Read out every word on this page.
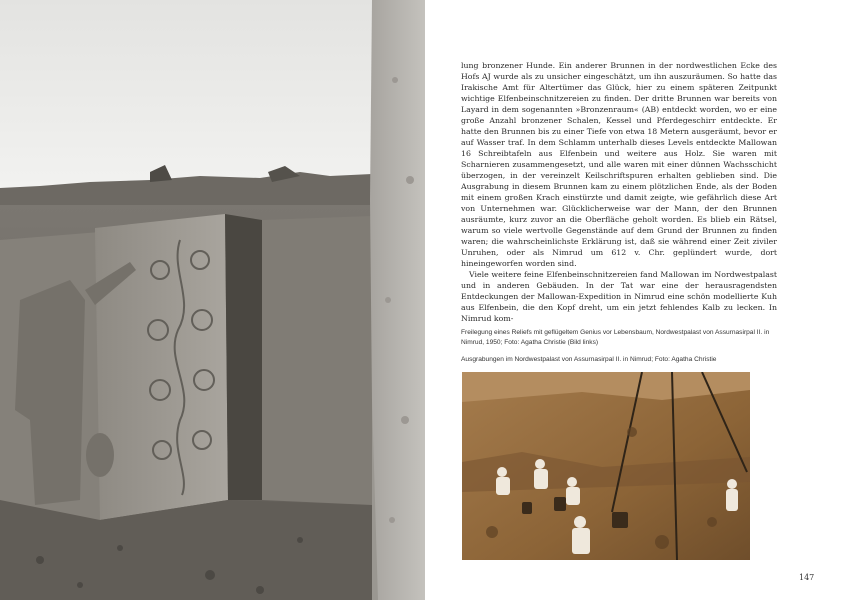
lung bronzener Hunde. Ein anderer Brunnen in der nordwestlichen Ecke des Hofs AJ wurde als zu unsicher eingeschätzt, um ihn auszuräumen. So hatte das Irakische Amt für Altertümer das Glück, hier zu einem späteren Zeitpunkt wichtige Elfenbeinschnitzereien zu finden. Der dritte Brunnen war bereits von Layard in dem sogenannten »Bronzenraum« (AB) entdeckt worden, wo er eine große Anzahl bronzener Schalen, Kessel und Pferdegeschirr entdeckte. Er hatte den Brunnen bis zu einer Tiefe von etwa 18 Metern ausgeräumt, bevor er auf Wasser traf. In dem Schlamm unterhalb dieses Levels entdeckte Mallowan 16 Schreibtafeln aus Elfenbein und weitere aus Holz. Sie waren mit Scharnieren zusammengesetzt, und alle waren mit einer dünnen Wachsschicht überzogen, in der vereinzelt Keilschriftspuren erhalten geblieben sind. Die Ausgrabung in diesem Brunnen kam zu einem plötzlichen Ende, als der Boden mit einem großen Krach einstürzte und damit zeigte, wie gefährlich diese Art von Unternehmen war. Glücklicherweise war der Mann, der den Brunnen ausräumte, kurz zuvor an die Oberfläche geholt worden. Es blieb ein Rätsel, warum so viele wertvolle Gegenstände auf dem Grund der Brunnen zu finden waren; die wahrscheinlichste Erklärung ist, daß sie während einer Zeit ziviler Unruhen, oder als Nimrud um 612 v. Chr. geplündert wurde, dort hineingeworfen worden sind.

Viele weitere feine Elfenbeinschnitzereien fand Mallowan im Nordwestpalast und in anderen Gebäuden. In der Tat war eine der herausragendsten Entdeckungen der Mallowan-Expedition in Nimrud eine schön modellierte Kuh aus Elfenbein, die den Kopf dreht, um ein jetzt fehlendes Kalb zu lecken. In Nimrud kom-

Freilegung eines Reliefs mit geflügeltem Genius vor Lebensbaum, Nordwestpalast von Assurnasirpal II. in Nimrud, 1950; Foto: Agatha Christie (Bild links)

Ausgrabungen im Nordwestpalast von Assurnasirpal II. in Nimrud; Foto: Agatha Christie

147
